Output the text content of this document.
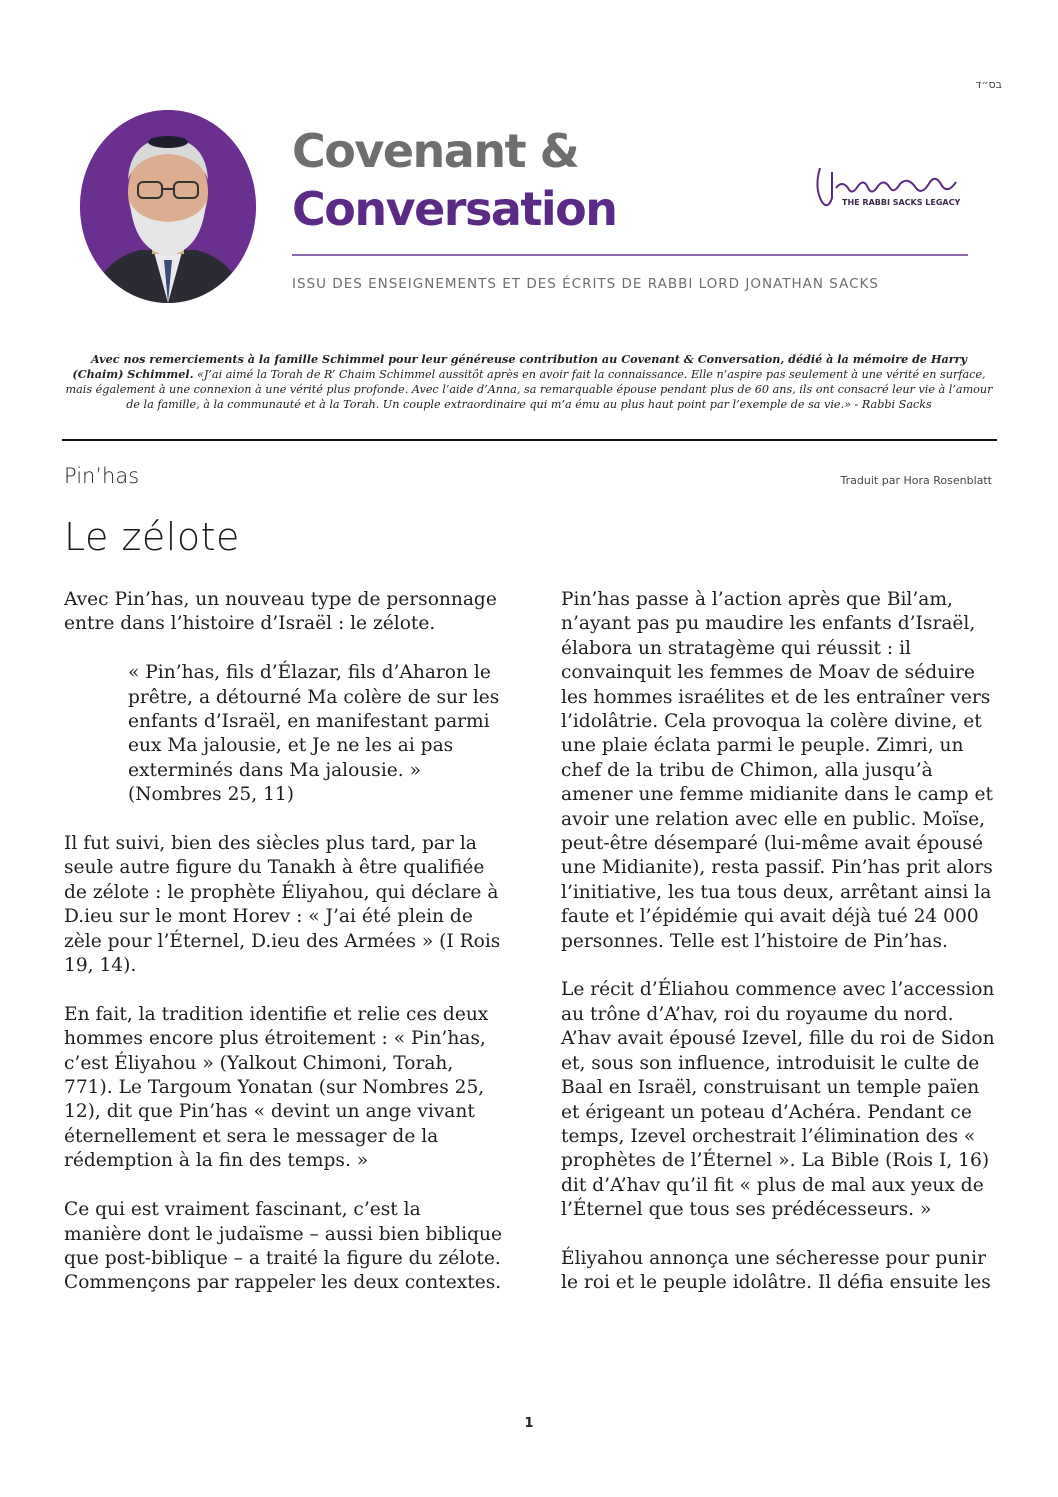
בס״ד
Covenant &
Conversation	THE RABBI SACKS LEGACY
ISSU DES ENSEIGNEMENTS ET DES ÉCRITS DE RABBI LORD JONATHAN SACKS
Avec nos remerciements à la famille Schimmel pour leur généreuse contribution au Covenant & Conversation, dédié à la mémoire de Harry (Chaim) Schimmel. «J’ai aimé la Torah de R’ Chaim Schimmel aussitôt après en avoir fait la connaissance. Elle n’aspire pas seulement à une vérité en surface, mais également à une connexion à une vérité plus profonde. Avec l’aide d’Anna, sa remarquable épouse pendant plus de 60 ans, ils ont consacré leur vie à l’amour de la famille, à la communauté et à la Torah. Un couple extraordinaire qui m’a ému au plus haut point par l’exemple de sa vie.» - Rabbi Sacks
Pin’has	Traduit par Hora Rosenblatt
Le zélote

Avec Pin’has, un nouveau type de personnage entre dans l’histoire d’Israël : le zélote.

« Pin’has, fils d’Élazar, fils d’Aharon le prêtre, a détourné Ma colère de sur les enfants d’Israël, en manifestant parmi eux Ma jalousie, et Je ne les ai pas exterminés dans Ma jalousie. » (Nombres 25, 11)

Il fut suivi, bien des siècles plus tard, par la seule autre figure du Tanakh à être qualifiée de zélote : le prophète Éliyahou, qui déclare à D.ieu sur le mont Horev : « J’ai été plein de zèle pour l’Éternel, D.ieu des Armées » (I Rois 19, 14).

En fait, la tradition identifie et relie ces deux hommes encore plus étroitement : « Pin’has, c’est Éliyahou » (Yalkout Chimoni, Torah, 771). Le Targoum Yonatan (sur Nombres 25, 12), dit que Pin’has « devint un ange vivant éternellement et sera le messager de la rédemption à la fin des temps. »

Ce qui est vraiment fascinant, c’est la manière dont le judaïsme – aussi bien biblique que post-biblique – a traité la figure du zélote. Commençons par rappeler les deux contextes.

Pin’has passe à l’action après que Bil’am, n’ayant pas pu maudire les enfants d’Israël, élabora un stratagème qui réussit : il convainquit les femmes de Moav de séduire les hommes israélites et de les entraîner vers l’idolâtrie. Cela provoqua la colère divine, et une plaie éclata parmi le peuple. Zimri, un chef de la tribu de Chimon, alla jusqu’à amener une femme midianite dans le camp et avoir une relation avec elle en public. Moïse, peut-être désemparé (lui-même avait épousé une Midianite), resta passif. Pin’has prit alors l’initiative, les tua tous deux, arrêtant ainsi la faute et l’épidémie qui avait déjà tué 24 000 personnes. Telle est l’histoire de Pin’has.

Le récit d’Éliahou commence avec l’accession au trône d’A’hav, roi du royaume du nord. A’hav avait épousé Izevel, fille du roi de Sidon et, sous son influence, introduisit le culte de Baal en Israël, construisant un temple païen et érigeant un poteau d’Achéra. Pendant ce temps, Izevel orchestrait l’élimination des « prophètes de l’Éternel ». La Bible (Rois I, 16) dit d’A’hav qu’il fit « plus de mal aux yeux de l’Éternel que tous ses prédécesseurs. »

Éliyahou annonça une sécheresse pour punir le roi et le peuple idolâtre. Il défia ensuite les

1
